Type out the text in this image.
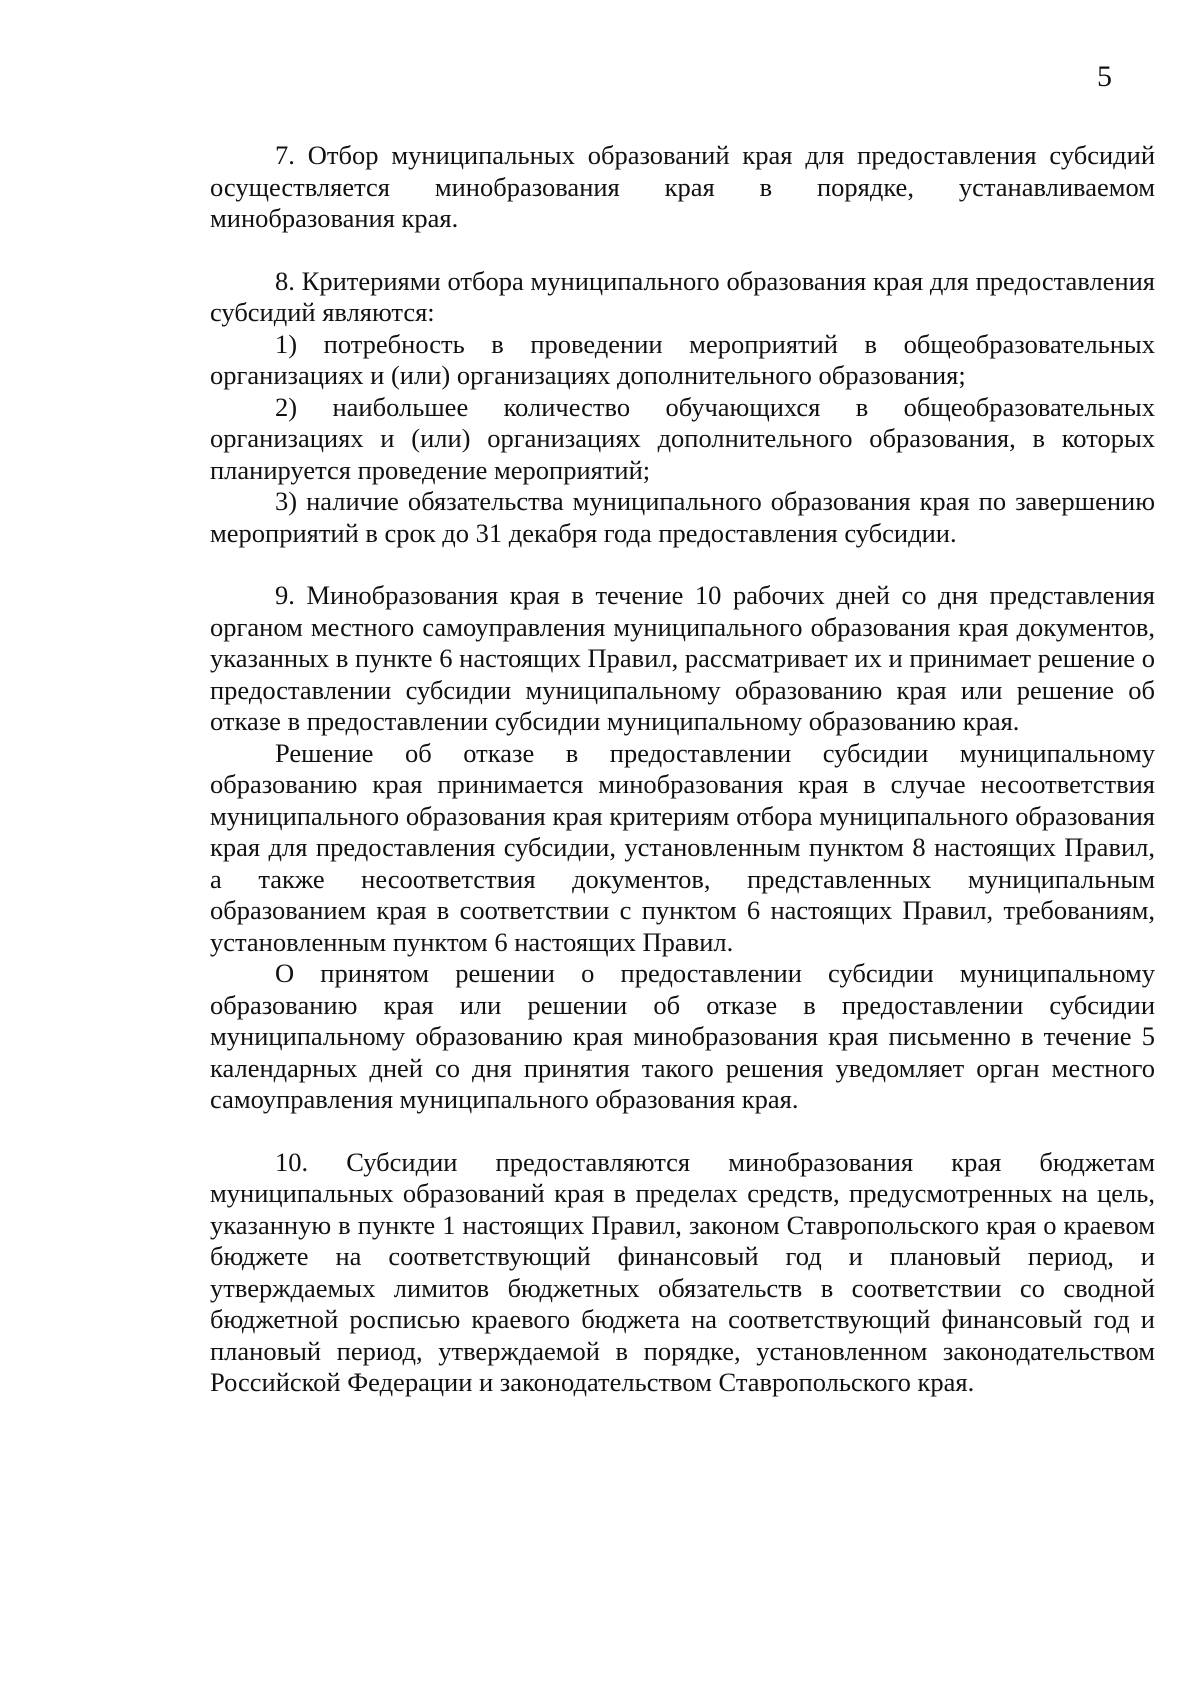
5

7. Отбор муниципальных образований края для предоставления субсидий осуществляется минобразования края в порядке, устанавливаемом минобразования края.

8. Критериями отбора муниципального образования края для предоставления субсидий являются:

1) потребность в проведении мероприятий в общеобразовательных организациях и (или) организациях дополнительного образования;

2) наибольшее количество обучающихся в общеобразовательных организациях и (или) организациях дополнительного образования, в которых планируется проведение мероприятий;

3) наличие обязательства муниципального образования края по завершению мероприятий в срок до 31 декабря года предоставления субсидии.

9. Минобразования края в течение 10 рабочих дней со дня представления органом местного самоуправления муниципального образования края документов, указанных в пункте 6 настоящих Правил, рассматривает их и принимает решение о предоставлении субсидии муниципальному образованию края или решение об отказе в предоставлении субсидии муниципальному образованию края.

Решение об отказе в предоставлении субсидии муниципальному образованию края принимается минобразования края в случае несоответствия муниципального образования края критериям отбора муниципального образования края для предоставления субсидии, установленным пунктом 8 настоящих Правил, а также несоответствия документов, представленных муниципальным образованием края в соответствии с пунктом 6 настоящих Правил, требованиям, установленным пунктом 6 настоящих Правил.

О принятом решении о предоставлении субсидии муниципальному образованию края или решении об отказе в предоставлении субсидии муниципальному образованию края минобразования края письменно в течение 5 календарных дней со дня принятия такого решения уведомляет орган местного самоуправления муниципального образования края.

10. Субсидии предоставляются минобразования края бюджетам муниципальных образований края в пределах средств, предусмотренных на цель, указанную в пункте 1 настоящих Правил, законом Ставропольского края о краевом бюджете на соответствующий финансовый год и плановый период, и утверждаемых лимитов бюджетных обязательств в соответствии со сводной бюджетной росписью краевого бюджета на соответствующий финансовый год и плановый период, утверждаемой в порядке, установленном законодательством Российской Федерации и законодательством Ставропольского края.
